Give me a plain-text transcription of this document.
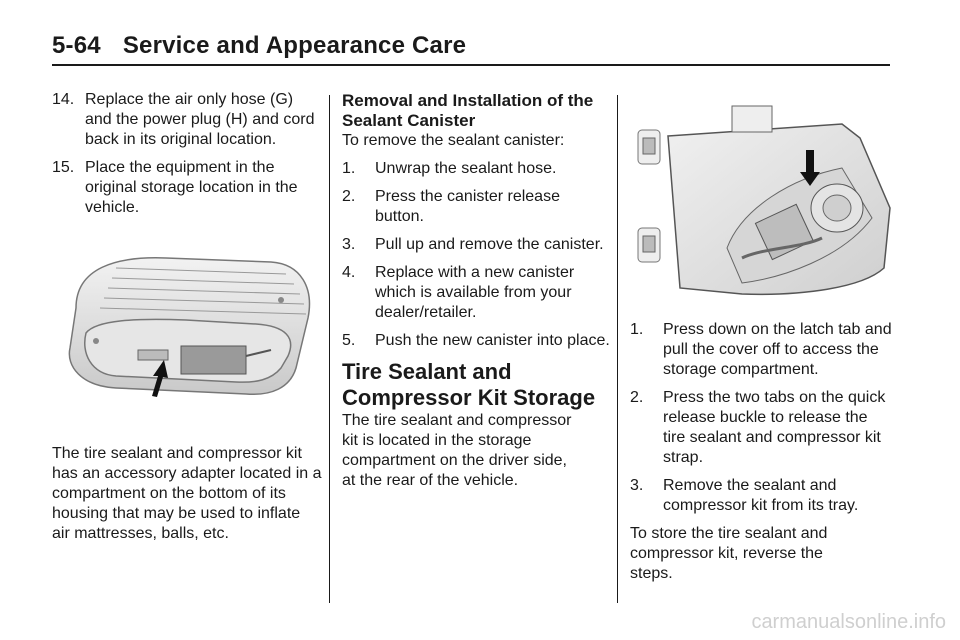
5-64 Service and Appearance Care
14. Replace the air only hose (G) and the power plug (H) and cord back in its original location.
15. Place the equipment in the original storage location in the vehicle.

The tire sealant and compressor kit has an accessory adapter located in a compartment on the bottom of its housing that may be used to inflate air mattresses, balls, etc.

Removal and Installation of the Sealant Canister

To remove the sealant canister:

1. Unwrap the sealant hose.
2. Press the canister release button.
3. Pull up and remove the canister.
4. Replace with a new canister which is available from your dealer/retailer.
5. Push the new canister into place.

Tire Sealant and Compressor Kit Storage

The tire sealant and compressor kit is located in the storage compartment on the driver side, at the rear of the vehicle.

1. Press down on the latch tab and pull the cover off to access the storage compartment.
2. Press the two tabs on the quick release buckle to release the tire sealant and compressor kit strap.
3. Remove the sealant and compressor kit from its tray.

To store the tire sealant and compressor kit, reverse the steps.

carmanualsonline.info
